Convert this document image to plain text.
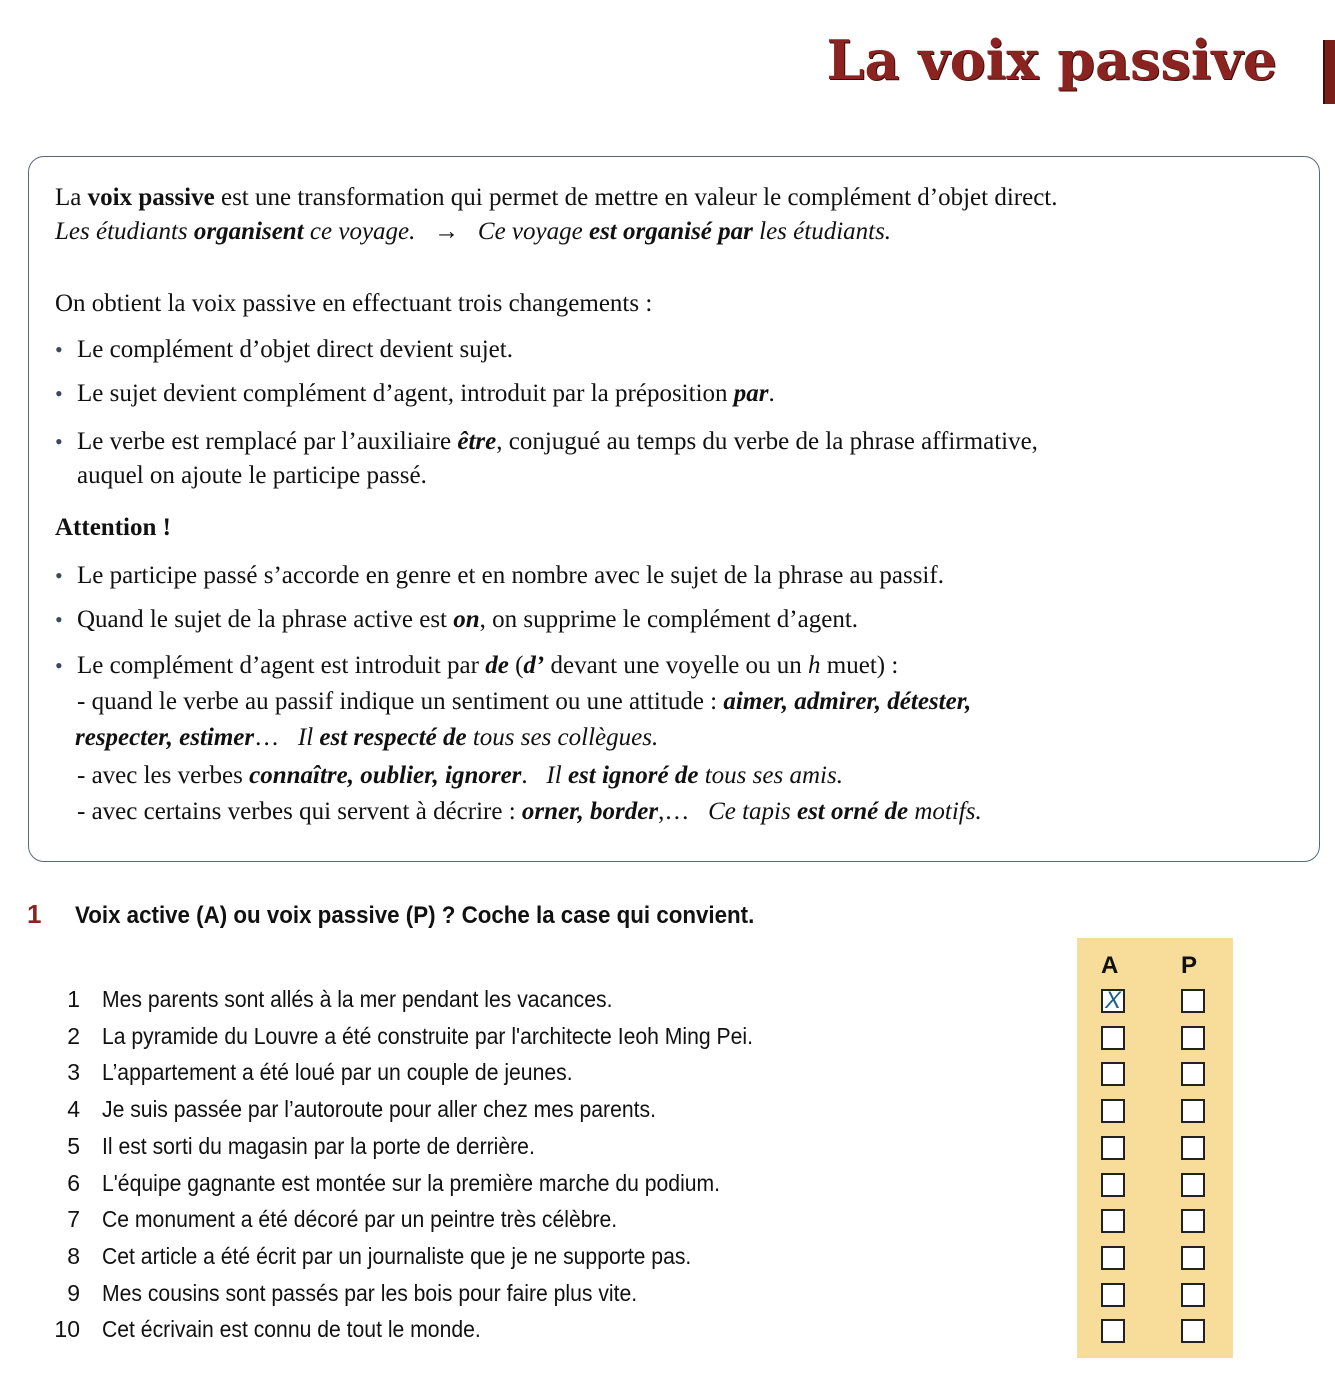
La voix passive
La voix passive est une transformation qui permet de mettre en valeur le complément d’objet direct.
Les étudiants organisent ce voyage.   →   Ce voyage est organisé par les étudiants.
On obtient la voix passive en effectuant trois changements :
• Le complément d’objet direct devient sujet.
• Le sujet devient complément d’agent, introduit par la préposition par.
• Le verbe est remplacé par l’auxiliaire être, conjugué au temps du verbe de la phrase affirmative,
auquel on ajoute le participe passé.
Attention !
• Le participe passé s’accorde en genre et en nombre avec le sujet de la phrase au passif.
• Quand le sujet de la phrase active est on, on supprime le complément d’agent.
• Le complément d’agent est introduit par de (d’ devant une voyelle ou un h muet) :
- quand le verbe au passif indique un sentiment ou une attitude : aimer, admirer, détester,
respecter, estimer…   Il est respecté de tous ses collègues.
- avec les verbes connaître, oublier, ignorer.   Il est ignoré de tous ses amis.
- avec certains verbes qui servent à décrire : orner, border,…   Ce tapis est orné de motifs.
1 Voix active (A) ou voix passive (P) ? Coche la case qui convient.
A	P
X
1 Mes parents sont allés à la mer pendant les vacances.
2 La pyramide du Louvre a été construite par l'architecte Ieoh Ming Pei.
3 L’appartement a été loué par un couple de jeunes.
4 Je suis passée par l’autoroute pour aller chez mes parents.
5 Il est sorti du magasin par la porte de derrière.
6 L'équipe gagnante est montée sur la première marche du podium.
7 Ce monument a été décoré par un peintre très célèbre.
8 Cet article a été écrit par un journaliste que je ne supporte pas.
9 Mes cousins sont passés par les bois pour faire plus vite.
10 Cet écrivain est connu de tout le monde.
